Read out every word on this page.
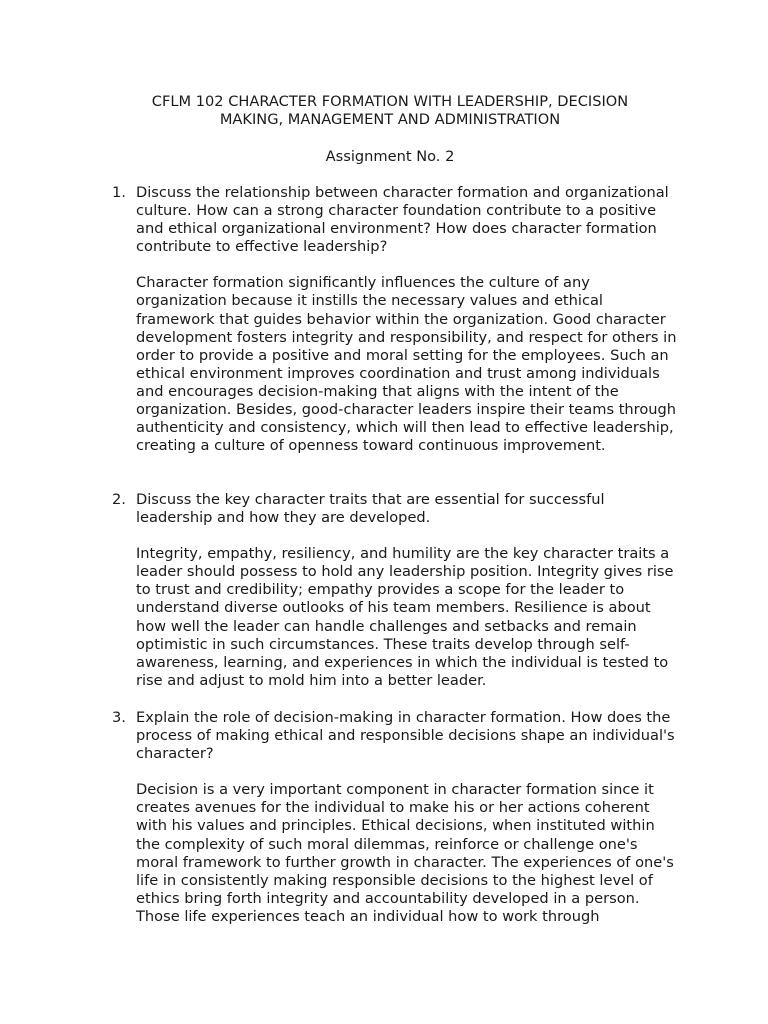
CFLM 102 CHARACTER FORMATION WITH LEADERSHIP, DECISION MAKING, MANAGEMENT AND ADMINISTRATION
Assignment No. 2
1. Discuss the relationship between character formation and organizational culture. How can a strong character foundation contribute to a positive and ethical organizational environment? How does character formation contribute to effective leadership?

Character formation significantly influences the culture of any organization because it instills the necessary values and ethical framework that guides behavior within the organization. Good character development fosters integrity and responsibility, and respect for others in order to provide a positive and moral setting for the employees. Such an ethical environment improves coordination and trust among individuals and encourages decision-making that aligns with the intent of the organization. Besides, good-character leaders inspire their teams through authenticity and consistency, which will then lead to effective leadership, creating a culture of openness toward continuous improvement.

2. Discuss the key character traits that are essential for successful leadership and how they are developed.

Integrity, empathy, resiliency, and humility are the key character traits a leader should possess to hold any leadership position. Integrity gives rise to trust and credibility; empathy provides a scope for the leader to understand diverse outlooks of his team members. Resilience is about how well the leader can handle challenges and setbacks and remain optimistic in such circumstances. These traits develop through self-awareness, learning, and experiences in which the individual is tested to rise and adjust to mold him into a better leader.

3. Explain the role of decision-making in character formation. How does the process of making ethical and responsible decisions shape an individual's character?

Decision is a very important component in character formation since it creates avenues for the individual to make his or her actions coherent with his values and principles. Ethical decisions, when instituted within the complexity of such moral dilemmas, reinforce or challenge one's moral framework to further growth in character. The experiences of one's life in consistently making responsible decisions to the highest level of ethics bring forth integrity and accountability developed in a person. Those life experiences teach an individual how to work through
